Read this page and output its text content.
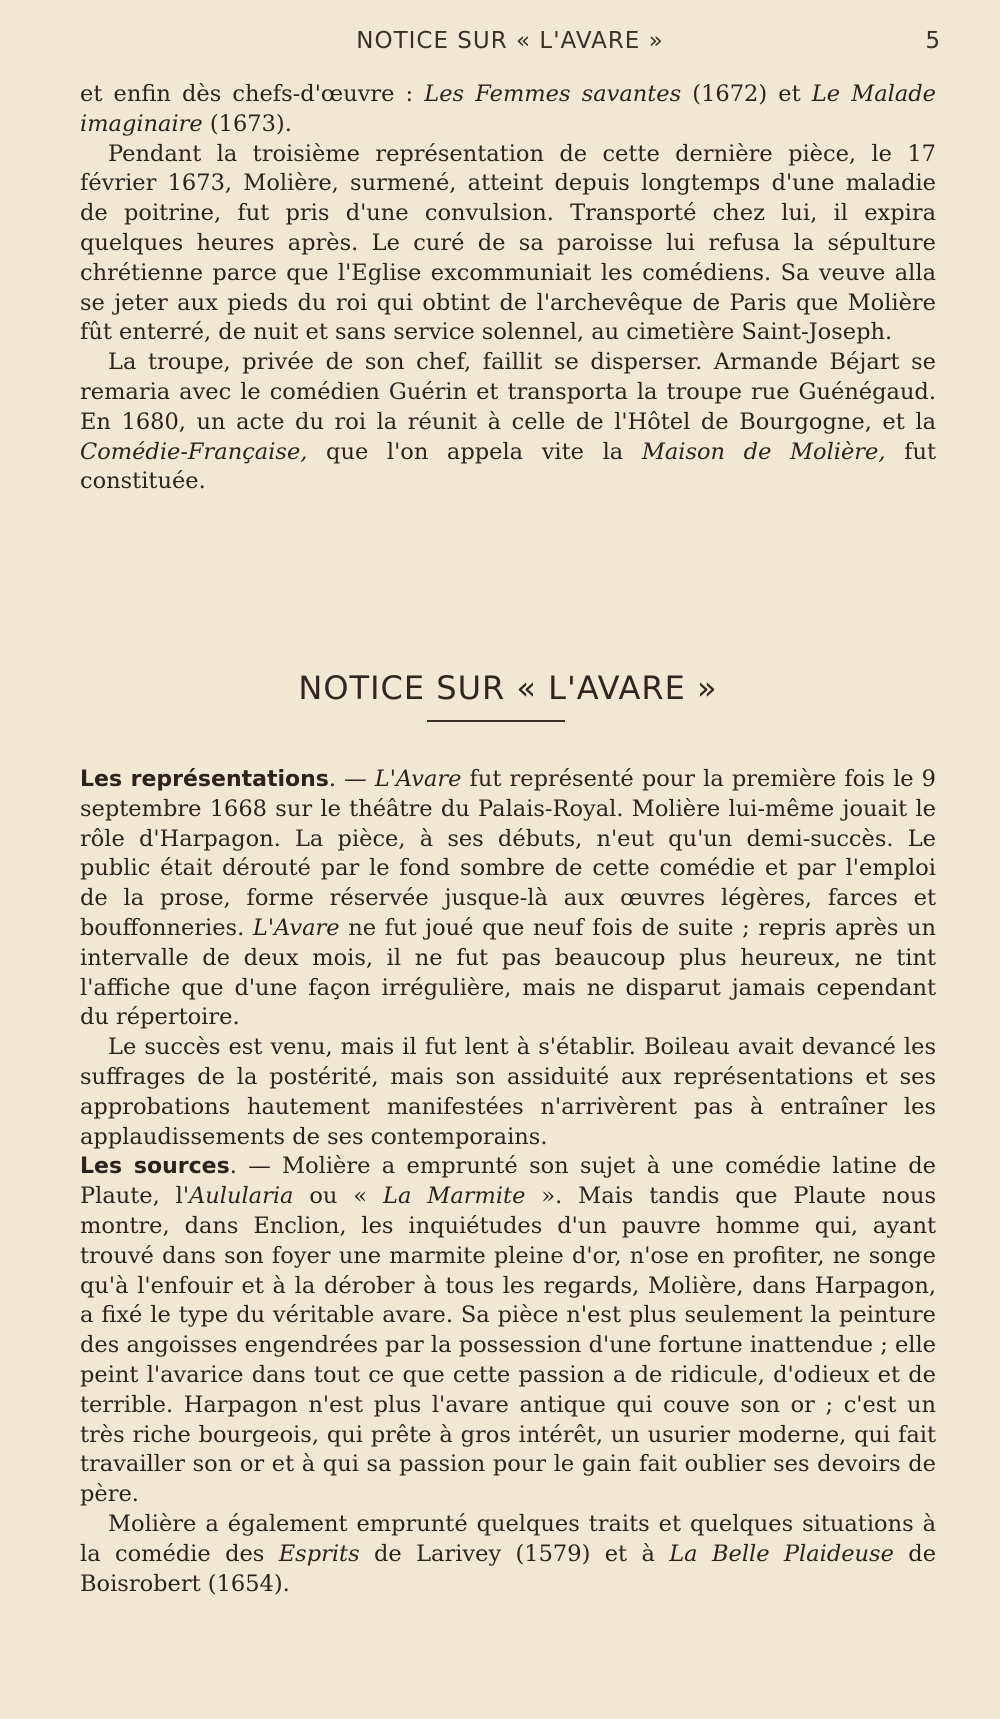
NOTICE SUR « L'AVARE »	5

et enfin dès chefs-d'œuvre : Les Femmes savantes (1672) et Le Malade imaginaire (1673).

Pendant la troisième représentation de cette dernière pièce, le 17 février 1673, Molière, surmené, atteint depuis longtemps d'une maladie de poitrine, fut pris d'une convulsion. Transporté chez lui, il expira quelques heures après. Le curé de sa paroisse lui refusa la sépulture chrétienne parce que l'Eglise excommuniait les comédiens. Sa veuve alla se jeter aux pieds du roi qui obtint de l'archevêque de Paris que Molière fût enterré, de nuit et sans service solennel, au cimetière Saint-Joseph.

La troupe, privée de son chef, faillit se disperser. Armande Béjart se remaria avec le comédien Guérin et transporta la troupe rue Guénégaud. En 1680, un acte du roi la réunit à celle de l'Hôtel de Bourgogne, et la Comédie-Française, que l'on appela vite la Maison de Molière, fut constituée.

NOTICE SUR « L'AVARE »

Les représentations. — L'Avare fut représenté pour la première fois le 9 septembre 1668 sur le théâtre du Palais-Royal. Molière lui-même jouait le rôle d'Harpagon. La pièce, à ses débuts, n'eut qu'un demi-succès. Le public était dérouté par le fond sombre de cette comédie et par l'emploi de la prose, forme réservée jusque-là aux œuvres légères, farces et bouffonneries. L'Avare ne fut joué que neuf fois de suite ; repris après un intervalle de deux mois, il ne fut pas beaucoup plus heureux, ne tint l'affiche que d'une façon irrégulière, mais ne disparut jamais cependant du répertoire.

Le succès est venu, mais il fut lent à s'établir. Boileau avait devancé les suffrages de la postérité, mais son assiduité aux représentations et ses approbations hautement manifestées n'arrivèrent pas à entraîner les applaudissements de ses contemporains.

Les sources. — Molière a emprunté son sujet à une comédie latine de Plaute, l'Aulularia ou « La Marmite ». Mais tandis que Plaute nous montre, dans Enclion, les inquiétudes d'un pauvre homme qui, ayant trouvé dans son foyer une marmite pleine d'or, n'ose en profiter, ne songe qu'à l'enfouir et à la dérober à tous les regards, Molière, dans Harpagon, a fixé le type du véritable avare. Sa pièce n'est plus seulement la peinture des angoisses engendrées par la possession d'une fortune inattendue ; elle peint l'avarice dans tout ce que cette passion a de ridicule, d'odieux et de terrible. Harpagon n'est plus l'avare antique qui couve son or ; c'est un très riche bourgeois, qui prête à gros intérêt, un usurier moderne, qui fait travailler son or et à qui sa passion pour le gain fait oublier ses devoirs de père.

Molière a également emprunté quelques traits et quelques situations à la comédie des Esprits de Larivey (1579) et à La Belle Plaideuse de Boisrobert (1654).
